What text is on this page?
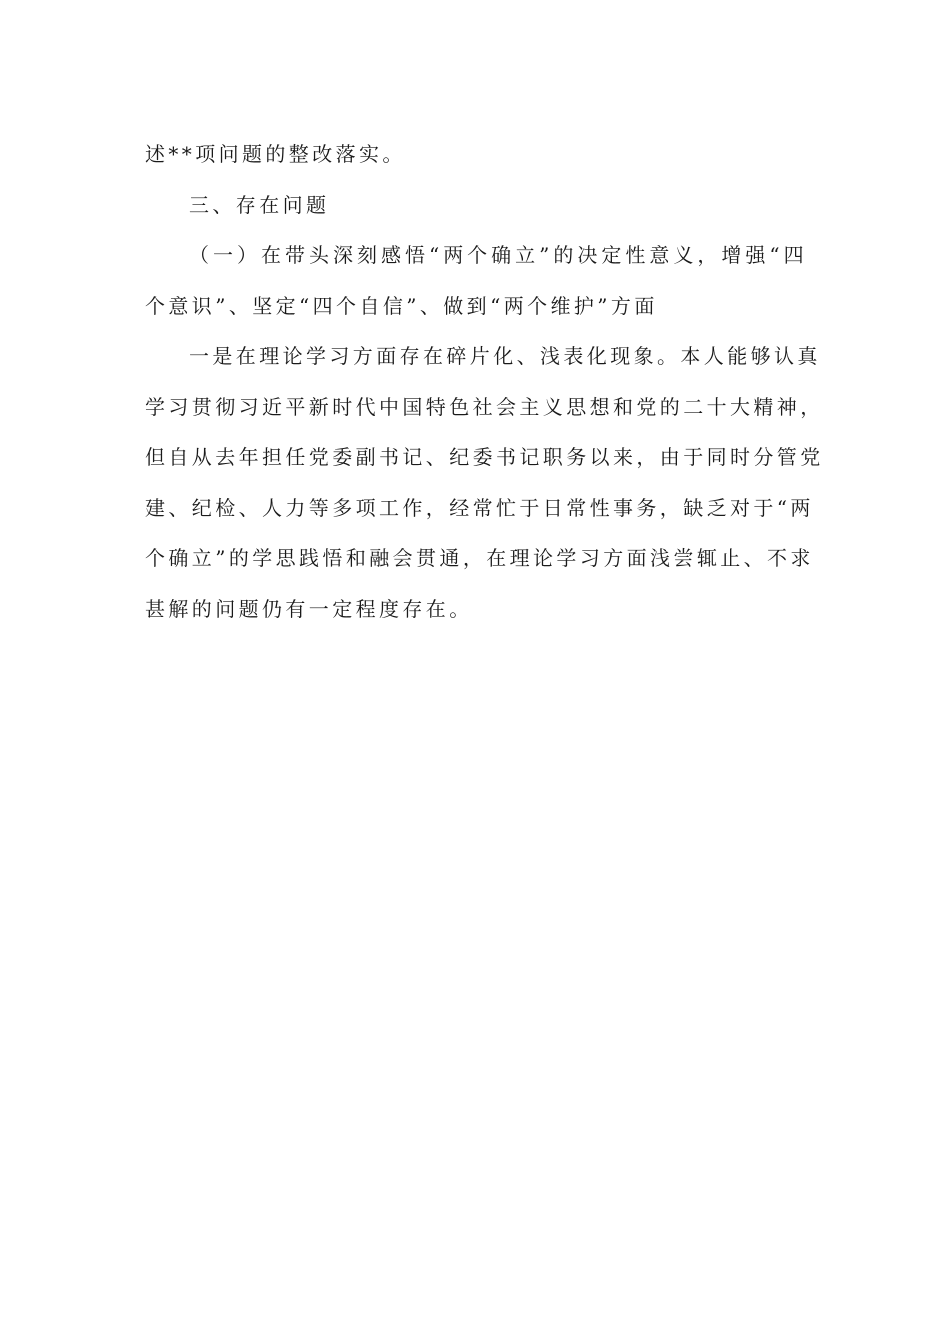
述**项问题的整改落实。
三、存在问题
（一）在带头深刻感悟“两个确立”的决定性意义，增强“四
个意识”、坚定“四个自信”、做到“两个维护”方面
一是在理论学习方面存在碎片化、浅表化现象。本人能够认真
学习贯彻习近平新时代中国特色社会主义思想和党的二十大精神，
但自从去年担任党委副书记、纪委书记职务以来，由于同时分管党
建、纪检、人力等多项工作，经常忙于日常性事务，缺乏对于“两
个确立”的学思践悟和融会贯通，在理论学习方面浅尝辄止、不求
甚解的问题仍有一定程度存在。
